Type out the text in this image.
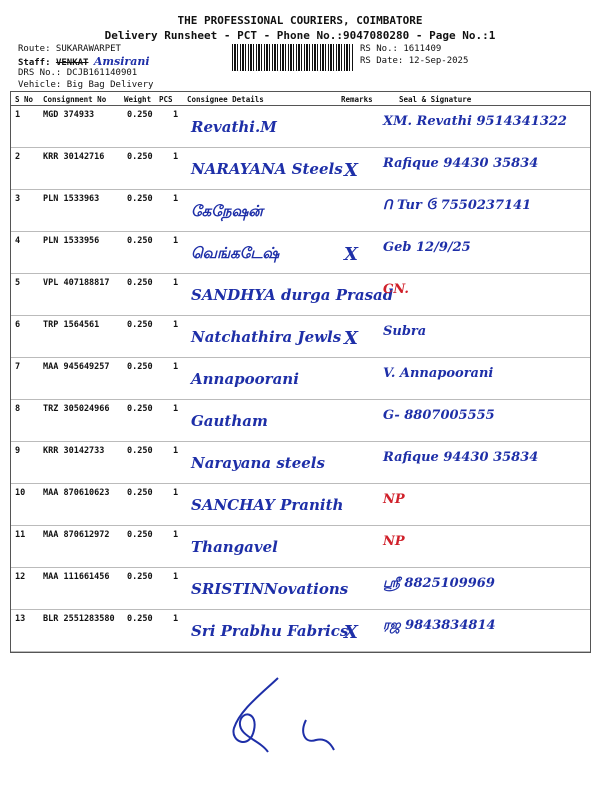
THE PROFESSIONAL COURIERS, COIMBATORE
Delivery Runsheet - PCT - Phone No.:9047080280 - Page No.:1
Route: SUKARAWARPET
Staff: VENKAT Amsirani
DRS No.: DCJB161140901
Vehicle: Big Bag Delivery
RS No.: 1611409
RS Date: 12-Sep-2025
S No Consignment No Weight PCS Consignee Details	Remarks	Seal & Signature
1	MGD 374933	0.250 1
Revathi.M	XM. Revathi 9514341322
2	KRR 30142716	0.250 1
NARAYANA Steels X Rafique 94430 35834
3	PLN 1533963	0.250 1
கேநேஷன்	ᑎ Tur ઉ 7550237141
4	PLN 1533956	0.250 1
வெங்கடேஷ்	X Geb 12/9/25
5	VPL 407188817 0.250 1
SANDHYA durga Prasad
CN.
6	TRP 1564561	0.250 1
Natchathira Jewls X Subra
7	MAA 945649257 0.250 1
Annapoorani	V. Annapoorani
8	TRZ 305024966 0.250 1
Gautham	G- 8807005555
9	KRR 30142733	0.250 1
Narayana steels	Rafique 94430 35834
10 MAA 870610623 0.250 1
SANCHAY Pranith	NP
11 MAA 870612972 0.250 1
Thangavel	NP
12 MAA 111661456 0.250 1
SRISTINNovations	ஸ்ரீ 8825109969
13 BLR 2551283580 0.250 1
Sri Prabhu Fabrics
X ரஜ 9843834814
